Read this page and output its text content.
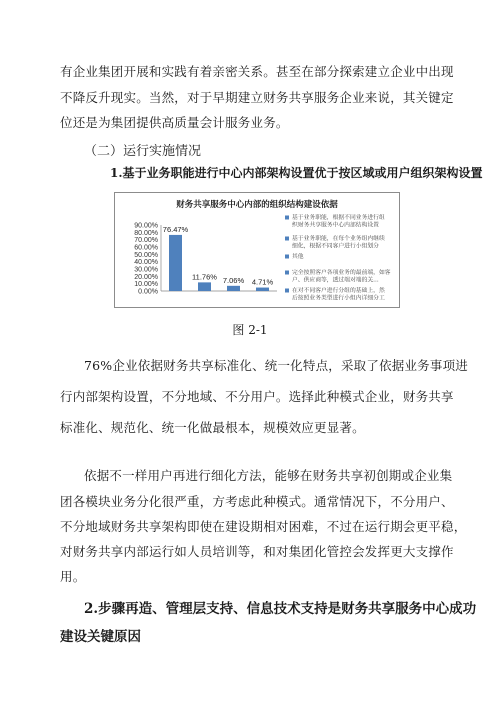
有企业集团开展和实践有着亲密关系。甚至在部分探索建立企业中出现
不降反升现实。当然，对于早期建立财务共享服务企业来说，其关键定
位还是为集团提供高质量会计服务业务。
（二）运行实施情况
1.基于业务职能进行中心内部架构设置优于按区域或用户组织架构设置
财务共享服务中心内部的组织结构建设依据
90.00%
80.00%
70.00%
60.00%
50.00%
40.00%
30.00%
20.00%
10.00%
0.00%
76.47%
11.76% 7.06% 4.71%
基于业务职能，根据不同业务进行组
织财务共享服务中心内部结构设置
基于业务职能，在每个业务组内继续
细化，根据不同客户进行小组划分
其他
完全按照客户各项业务的最前端，如客
户、供应商等，透过端对端的关...
在对不同客户进行分组的基础上，然
后按照业务类型进行小组内详细分工
图 2-1
76%企业依据财务共享标准化、统一化特点，采取了依据业务事项进
行内部架构设置，不分地域、不分用户。选择此种模式企业，财务共享
标准化、规范化、统一化做最根本，规模效应更显著。
依据不一样用户再进行细化方法，能够在财务共享初创期或企业集
团各模块业务分化很严重，方考虑此种模式。通常情况下，不分用户、
不分地域财务共享架构即使在建设期相对困难，不过在运行期会更平稳，
对财务共享内部运行如人员培训等，和对集团化管控会发挥更大支撑作
用。
2.步骤再造、管理层支持、信息技术支持是财务共享服务中心成功
建设关键原因
